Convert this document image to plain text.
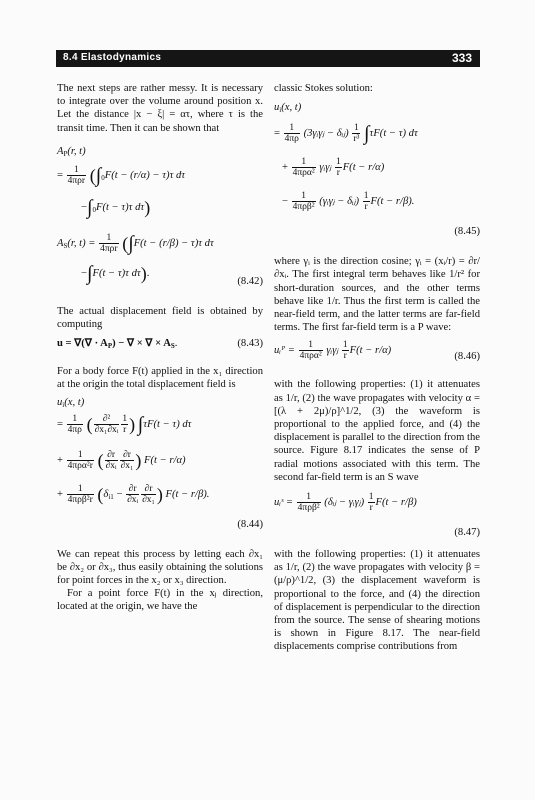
8.4 Elastodynamics	333

The next steps are rather messy. It is necessary to integrate over the volume around position x. Let the distance |x − ξ| = ατ, where τ is the transit time. Then it can be shown that

$A_P(r$, t)
= $\frac{1}{\text{4πρr}} (\int_0F(t - (r/\alpha) - \tau)\tau$ dτ
$-\int_0F(t - \tau)\tau$ dτ)
$A_S(r$, $t) = \frac{1}{\text{4πρr}} (\int F(t - (r/\beta) - \tau)\tau$ dτ
−∫F(t − τ)τ dτ).
(8.42)

The actual displacement field is obtained by computing

u = ∇(∇ · $A_P$) − ∇ × ∇ × $A_S$.	(8.43)

For a body force F(t) applied in the x₁ direction at the origin the total displacement field is

$u_i(x$, t)
= $\frac{1}{4\pi\rho}$ ( $\frac{\text{∂²}}{\text{∂x₁∂xᵢ}} \frac{1}{r}$ ) ∫τF(t − τ) dτ
+ $\frac{1}{\text{4πρα²r}}$ ( $\frac{\partial r}{\text{∂xᵢ}} \frac{\partial r}{\text{∂x₁}}$ ) F(t − r/α)
+ $\frac{1}{\text{4πρβ²r}} (\delta_{i1} - \frac{\partial r}{\text{∂xᵢ}} \frac{\partial r}{\text{∂x₁}}$ ) F(t − r/β).
(8.44)

We can repeat this process by letting each ∂x₁ be ∂x₂ or ∂x₃, thus easily obtaining the solutions for point forces in the x₂ or x₃ direction.

For a point force F(t) in the xⱼ direction, located at the origin, we have the

classic Stokes solution:

$u_i(x$, t)
= $\frac{1}{4\pi\rho}$ (3γᵢγⱼ − δᵢⱼ) $\frac{1}{\text{r³}} \int\tau F(t - \tau)$ dτ
+ $\frac{1}{\text{4πρα²}}$ γᵢγⱼ $\frac{1}{r} F(t - r/\alpha)$
− $\frac{1}{\text{4πρβ²}}$ (γᵢγⱼ − δᵢⱼ) $\frac{1}{r} F(t - r/\beta)$.
(8.45)

where γᵢ is the direction cosine; γᵢ = (xᵢ/r) = ∂r/∂xᵢ. The first integral term behaves like 1/r² for short-duration sources, and the other terms behave like 1/r. Thus the first term is called the near-field term, and the latter terms are far-field terms. The first far-field term is a P wave:

uᵢᴾ = $\frac{1}{\text{4πρα²}}$ γᵢγⱼ $\frac{1}{r} F(t - r/\alpha)$
(8.46)

with the following properties: (1) it attenuates as 1/r, (2) the wave propagates with velocity α = [(λ + 2μ)/ρ]^1/2, (3) the waveform is proportional to the applied force, and (4) the displacement is parallel to the direction from the source. Figure 8.17 indicates the sense of P radial motions associated with this term. The second far-field term is an S wave

uᵢˢ = $\frac{1}{\text{4πρβ²}}$ (δᵢⱼ − γᵢγⱼ) $\frac{1}{r} F(t - r/\beta)$
(8.47)

with the following properties: (1) it attenuates as 1/r, (2) the wave propagates with velocity β = (μ/ρ)^1/2, (3) the displacement waveform is proportional to the force, and (4) the direction of displacement is perpendicular to the direction from the source. The sense of shearing motions is shown in Figure 8.17. The near-field displacements comprise contributions from
